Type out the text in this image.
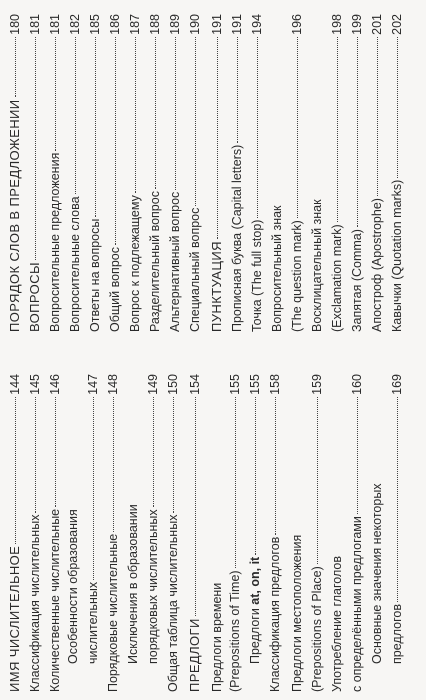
ИМЯ ЧИСЛИТЕЛЬНОЕ
144
Классификация числительных
145
Количественные числительные
146
Особенности образования числительных
147
Порядковые числительные
148
Исключения в образовании порядковых числительных
149
Общая таблица числительных
150
ПРЕДЛОГИ
154
Предлоги времени (Prepositions of Time)
155
Предлоги at, on, it
155
Классификация предлогов
158
Предлоги местоположения (Prepositions of Place)
159
Употребление глаголов с определёнными предлогами
160
Основные значения некоторых предлогов
169
ПОРЯДОК СЛОВ В ПРЕДЛОЖЕНИИ
180
ВОПРОСЫ
181
Вопросительные предложения
181
Вопросительные слова
182
Ответы на вопросы
185
Общий вопрос
186
Вопрос к подлежащему
187
Разделительный вопрос
188
Альтернативный вопрос
189
Специальный вопрос
190
ПУНКТУАЦИЯ
191
Прописная буква (Capital letters)
191
Точка (The full stop)
194
Вопросительный знак (The question mark)
196
Восклицательный знак (Exclamation mark)
198
Запятая (Comma)
199
Апостроф (Apostrophe)
201
Кавычки (Quotation marks)
202
